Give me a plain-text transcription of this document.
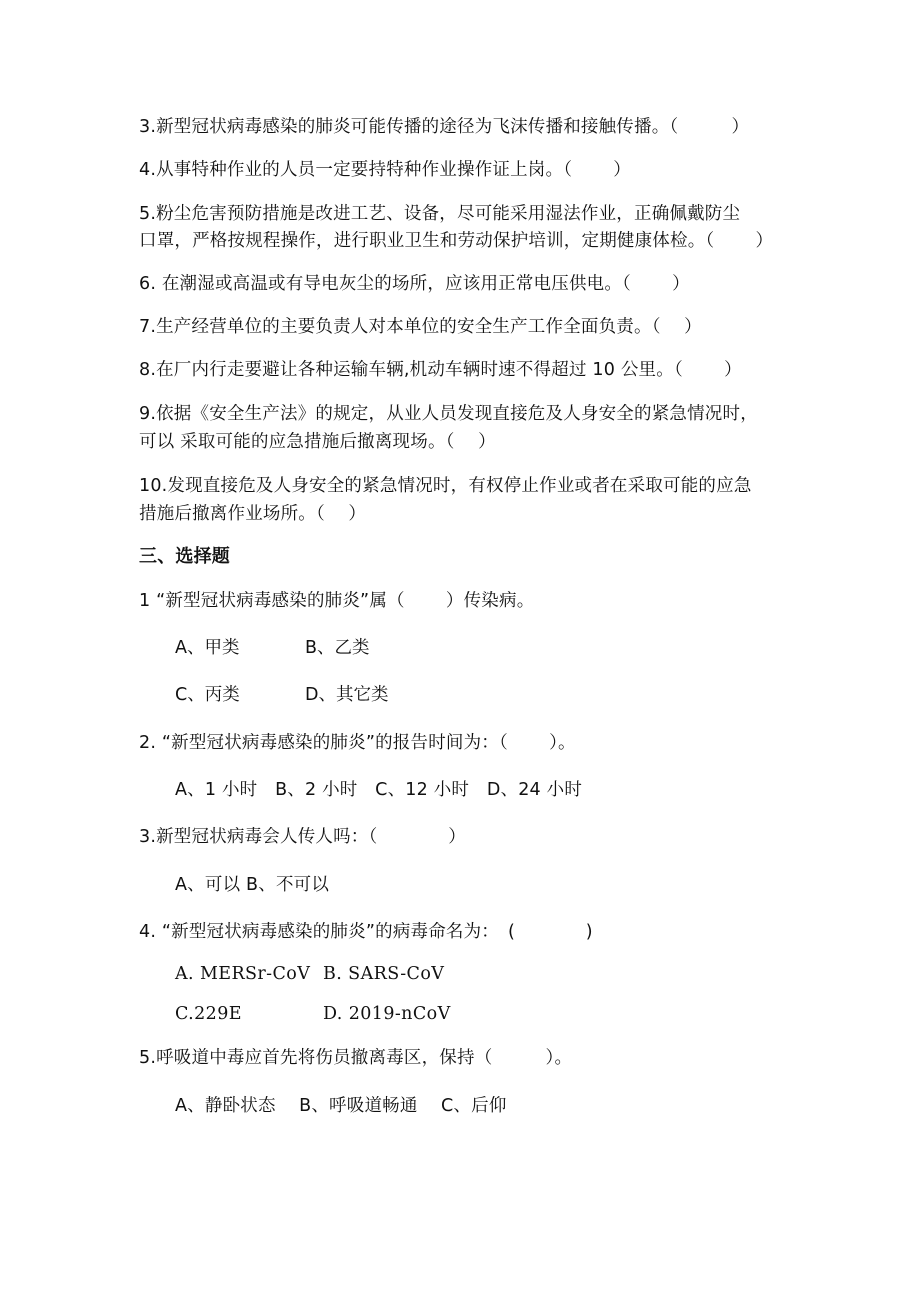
3.新型冠状病毒感染的肺炎可能传播的途径为飞沫传播和接触传播。（　　　）
4.从事特种作业的人员一定要持特种作业操作证上岗。（　　 ）
5.粉尘危害预防措施是改进工艺、设备，尽可能采用湿法作业，正确佩戴防尘
口罩，严格按规程操作，进行职业卫生和劳动保护培训，定期健康体检。（　　 ）
6. 在潮湿或高温或有导电灰尘的场所，应该用正常电压供电。（　　 ）
7.生产经营单位的主要负责人对本单位的安全生产工作全面负责。（　 ）
8.在厂内行走要避让各种运输车辆,机动车辆时速不得超过 10 公里。（　　 ）
9.依据《安全生产法》的规定，从业人员发现直接危及人身安全的紧急情况时，
可以 采取可能的应急措施后撤离现场。（　 ）
10.发现直接危及人身安全的紧急情况时，有权停止作业或者在采取可能的应急
措施后撤离作业场所。（　 ）
三、选择题
1 “新型冠状病毒感染的肺炎”属（　　 ）传染病。
A、甲类	B、乙类
C、丙类	D、其它类
2. “新型冠状病毒感染的肺炎”的报告时间为：（　　 ）。
A、1 小时　B、2 小时　C、12 小时　D、24 小时
3.新型冠状病毒会人传人吗：（　　　　）
A、可以 B、不可以
4. “新型冠状病毒感染的肺炎”的病毒命名为：　(　　　　)
A. MERSr-CoV B. SARS-CoV
C.229E	D. 2019-nCoV
5.呼吸道中毒应首先将伤员撤离毒区，保持（　　　）。
A、静卧状态　 B、呼吸道畅通　 C、后仰
